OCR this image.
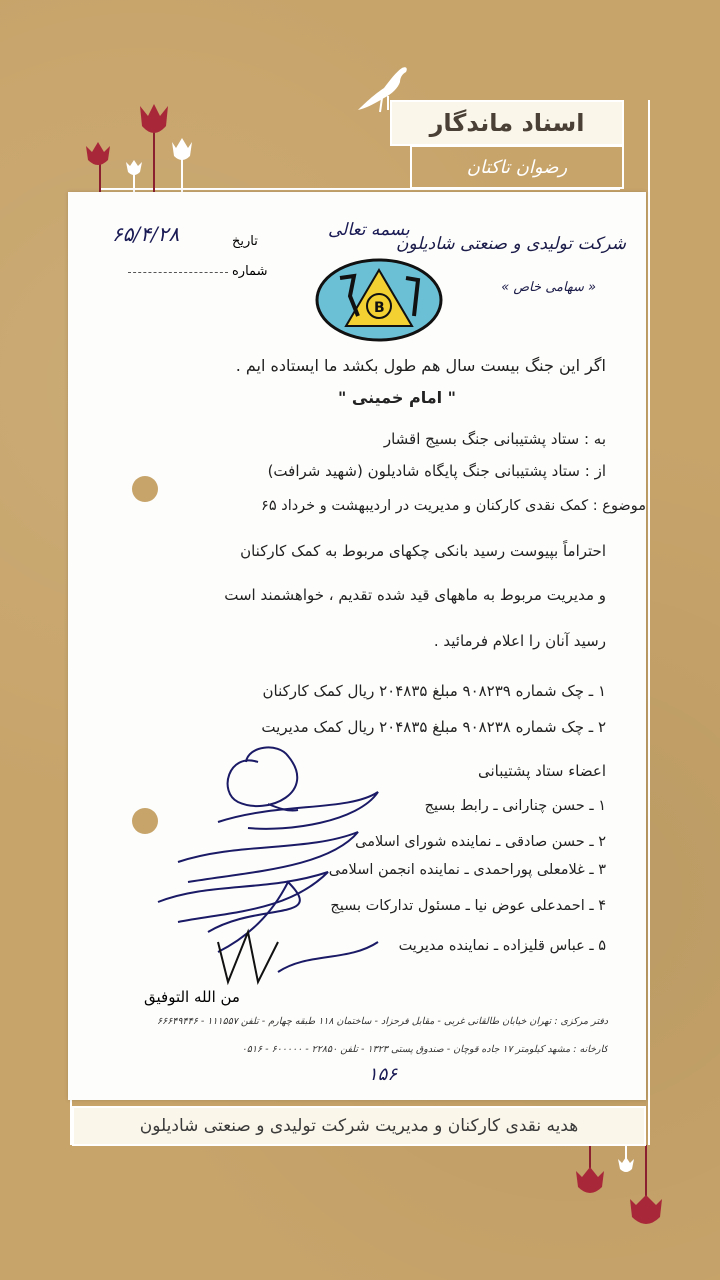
اسناد ماندگار
رضوان تاکتان
بسمه تعالی
شرکت تولیدی و صنعتی شادیلون
« سهامی خاص »
تاریخ
۶۵/۴/۲۸
شماره
B
اگر این جنگ بیست سال هم طول بکشد ما ایستاده ایم .
" امام خمینی "
به : ستاد پشتیبانی جنگ بسیج اقشار
از : ستاد پشتیبانی جنگ پایگاه شادیلون (شهید شرافت)
موضوع : کمک نقدی کارکنان و مدیریت در اردیبهشت و خرداد ۶۵
احتراماً بپیوست رسید بانکی چکهای مربوط به کمک کارکنان
و مدیریت مربوط به ماههای قید شده تقدیم ، خواهشمند است
رسید آنان را اعلام فرمائید .
۱ ـ چک شماره ۹۰۸۲۳۹ مبلغ ۲۰۴۸۳۵ ریال کمک کارکنان
۲ ـ چک شماره ۹۰۸۲۳۸ مبلغ ۲۰۴۸۳۵ ریال کمک مدیریت
اعضاء ستاد پشتیبانی
۱ ـ حسن چنارانی ـ رابط بسیج
۲ ـ حسن صادقی ـ نماینده شورای اسلامی
۳ ـ غلامعلی پوراحمدی ـ نماینده انجمن اسلامی
۴ ـ احمدعلی عوض نیا ـ مسئول تدارکات بسیج
۵ ـ عباس قلیزاده ـ نماینده مدیریت
من الله التوفیق
دفتر مرکزی : تهران خیابان طالقانی غربی - مقابل فرحزاد - ساختمان ۱۱۸ طبقه چهارم - تلفن ۱۱۱۵۵۷ - ۶۶۶۴۹۴۴۶
کارخانه : مشهد کیلومتر ۱۷ جاده قوچان - صندوق پستی ۱۳۲۳ - تلفن ۲۲۸۵۰ - ۶۰۰۰۰۰ - ۰۵۱۶
۱۵۶
هدیه نقدی کارکنان و مدیریت شرکت تولیدی و صنعتی شادیلون
